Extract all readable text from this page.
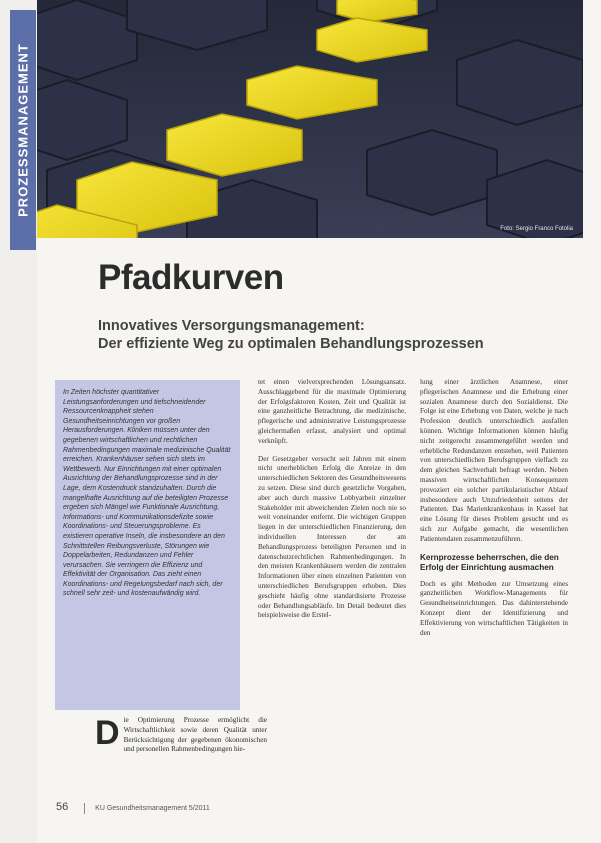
PROZESSMANAGEMENT
Foto: Sergio Franco Fotolia
Pfadkurven
Innovatives Versorgungsmanagement:
Der effiziente Weg zu optimalen Behandlungsprozessen

In Zeiten höchster quantitativer Leistungsanforderungen und tiefschneidender Ressourcenknappheit stehen Gesundheitseinrichtungen vor großen Herausforderungen. Kliniken müssen unter den gegebenen wirtschaftlichen und rechtlichen Rahmenbedingungen maximale medizinische Qualität erreichen. Krankenhäuser sehen sich stets im Wettbewerb. Nur Einrichtungen mit einer optimalen Ausrichtung der Behandlungsprozesse sind in der Lage, dem Kostendruck standzuhalten. Durch die mangelhafte Ausrichtung auf die beteiligten Prozesse ergeben sich Mängel wie Funktionale Ausrichtung, Informations- und Kommunikationsdefizite sowie Koordinations- und Steuerungsprobleme. Es existieren operative Inseln, die insbesondere an den Schnittstellen Reibungsverluste, Störungen wie Doppelarbeiten, Redundanzen und Fehler verursachen. Sie verringern die Effizienz und Effektivität der Organisation. Das zieht einen Koordinations- und Regelungsbedarf nach sich, der schnell sehr zeit- und kostenaufwändig wird.

Die Optimierung Prozesse ermöglicht die Wirtschaftlichkeit sowie deren Qualität unter Berücksichtigung der gegebenen ökonomischen und personellen Rahmenbedingungen hie-

tet einen vielversprechenden Lösungsansatz. Ausschlaggebend für die maximale Optimierung der Erfolgsfaktoren Kosten, Zeit und Qualität ist eine ganzheitliche Betrachtung, die medizinische, pflegerische und administrative Leistungsprozesse gleichermaßen erfasst, analysiert und optimal verknüpft.

Der Gesetzgeber versucht seit Jahren mit einem nicht unerheblichen Erfolg die Anreize in den unterschiedlichen Sektoren des Gesundheitswesens zu setzen. Diese sind durch gesetzliche Vorgaben, aber auch durch massive Lobbyarbeit einzelner Stakeholder mit abweichenden Zielen noch nie so weit voneinander entfernt. Die wichtigen Gruppen liegen in der unterschiedlichen Finanzierung, den individuellen Interessen der am Behandlungsprozess beteiligten Personen und in datenschutzrechtlichen Rahmenbedingungen. In den meisten Krankenhäusern werden die zentralen Informationen über einen einzelnen Patienten von unterschiedlichen Berufsgruppen erhoben. Dies geschieht häufig ohne standardisierte Prozesse oder Behandlungsabläufe. Im Detail bedeutet dies beispielsweise die Erstel-

lung einer ärztlichen Anamnese, einer pflegerischen Anamnese und die Erhebung einer sozialen Anamnese durch den Sozialdienst. Die Folge ist eine Erhebung von Daten, welche je nach Profession deutlich unterschiedlich ausfallen können. Wichtige Informationen können häufig nicht zeitgerecht zusammengeführt werden und erhebliche Redundanzen entstehen, weil Patienten von unterschiedlichen Berufsgruppen vielfach zu dem gleichen Sachverhalt befragt werden. Neben massiven wirtschaftlichen Konsequenzen provoziert ein solcher partikularistischer Ablauf insbesondere auch Unzufriedenheit seitens der Patienten. Das Marienkrankenhaus in Kassel hat eine Lösung für dieses Problem gesucht und es sich zur Aufgabe gemacht, die wesentlichen Patientendaten zusammenzuführen.

Kernprozesse beherrschen, die den Erfolg der Einrichtung ausmachen

Doch es gibt Methoden zur Umsetzung eines ganzheitlichen Workflow-Managements für Gesundheitseinrichtungen. Das dahinterstehende Konzept dient der Identifizierung und Effektivierung von wirtschaftlichen Tätigkeiten in den

56	KU Gesundheitsmanagement 5/2011
